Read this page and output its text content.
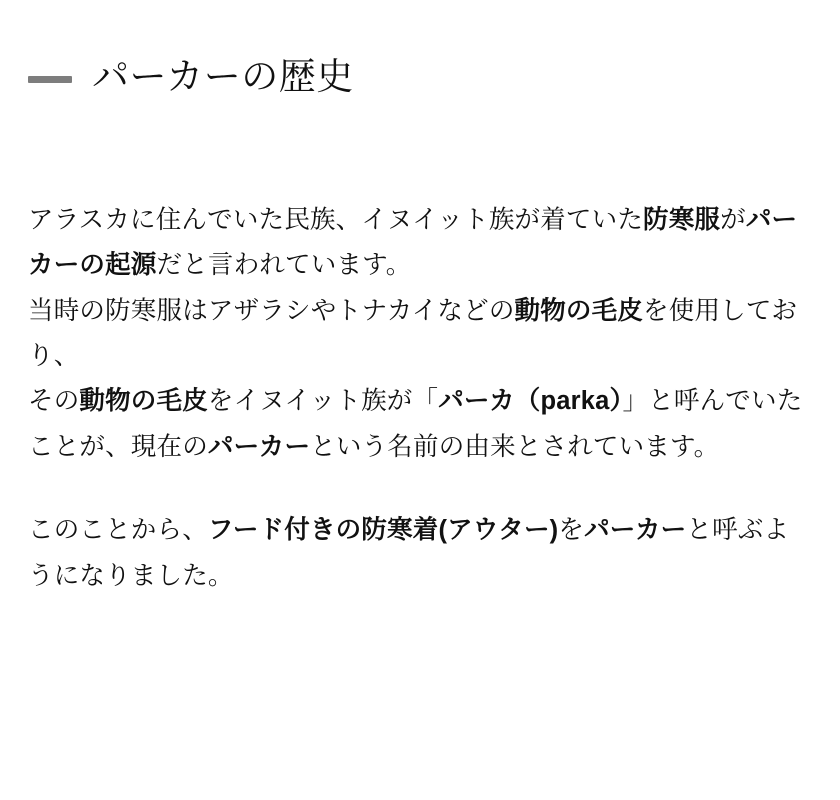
パーカーの歴史

アラスカに住んでいた民族、イヌイット族が着ていた防寒服がパーカーの起源だと言われています。
当時の防寒服はアザラシやトナカイなどの動物の毛皮を使用しており、
その動物の毛皮をイヌイット族が「パーカ（parka）」と呼んでいたことが、現在のパーカーという名前の由来とされています。

このことから、フード付きの防寒着(アウター)をパーカーと呼ぶようになりました。
